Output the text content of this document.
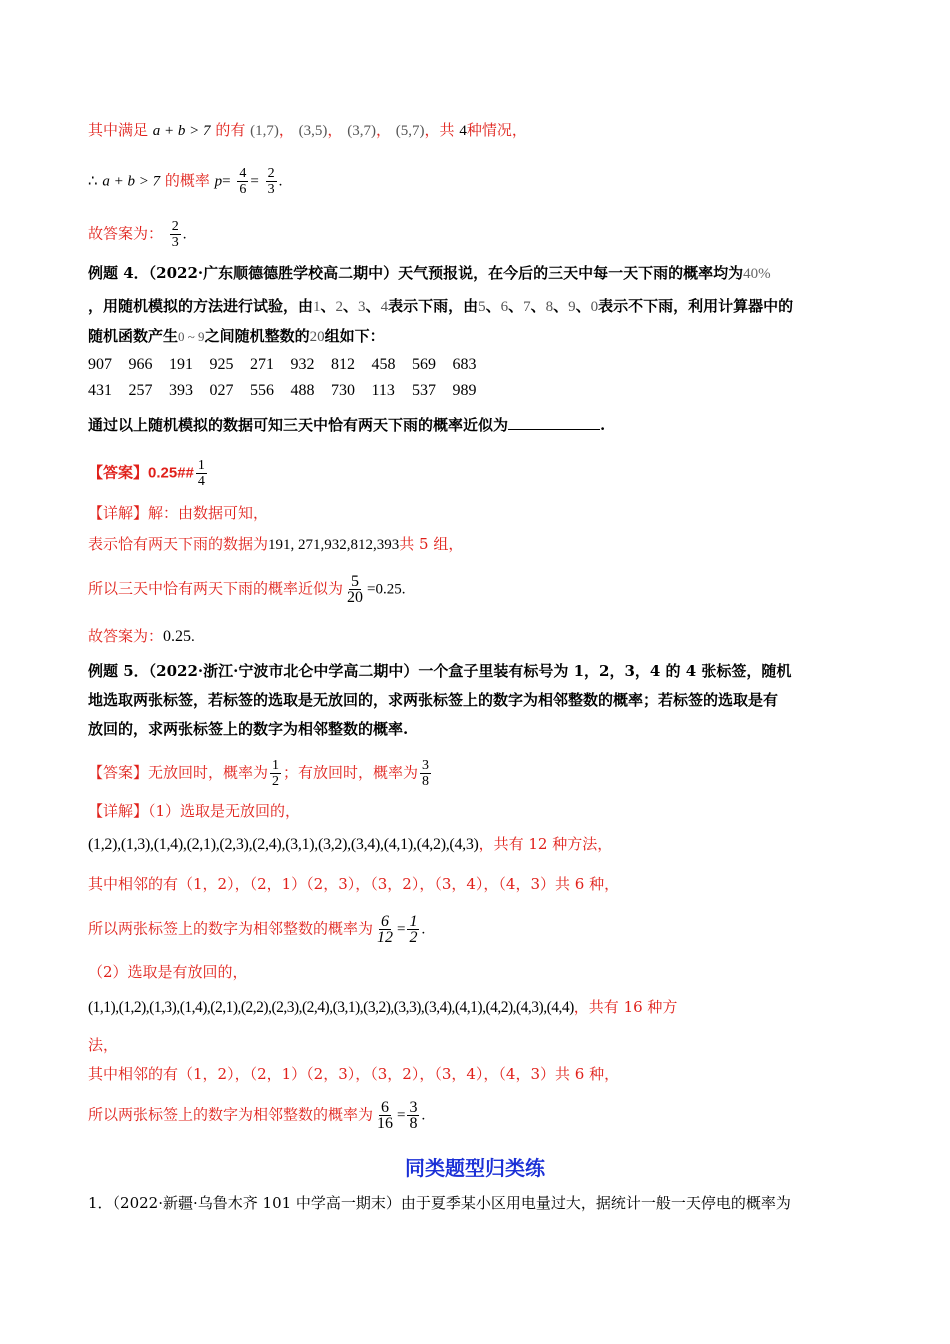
其中满足 a + b > 7 的有 (1,7)， (3,5)， (3,7)， (5,7)，共 4种情况，
∴ a + b > 7 的概率 $p= \frac{4}{6} = \frac{2}{3}$ .
故答案为： $\frac{2}{3}$ .
例题 4．（2022·广东顺德德胜学校高二期中）天气预报说，在今后的三天中每一天下雨的概率均为40%
，用随机模拟的方法进行试验，由1、2、3、4表示下雨，由5、6、7、8、9、0表示不下雨，利用计算器中的
随机函数产生0 ~ 9之间随机整数的20组如下：
907 966 191 925 271 932 812 458 569 683
431 257 393 027 556 488 730 113 537 989
通过以上随机模拟的数据可知三天中恰有两天下雨的概率近似为	.
【答案】0.25## $\frac{1}{4}$
【详解】解：由数据可知，
表示恰有两天下雨的数据为191, 271,932,812,393共 5 组，
所以三天中恰有两天下雨的概率近似为 $\frac{5}{20} =0.25$.
故答案为：0.25.
例题 5．（2022·浙江·宁波市北仑中学高二期中）一个盒子里装有标号为 1，2，3，4 的 4 张标签，随机
地选取两张标签，若标签的选取是无放回的，求两张标签上的数字为相邻整数的概率；若标签的选取是有
放回的，求两张标签上的数字为相邻整数的概率.
【答案】无放回时，概率为 $\frac{1}{2}$ ；有放回时，概率为 $\frac{3}{8}$
【详解】（1）选取是无放回的，
(1,2),(1,3),(1,4),(2,1),(2,3),(2,4),(3,1),(3,2),(3,4),(4,1),(4,2),(4,3)，共有 12 种方法，
其中相邻的有（1，2），（2，1）（2，3），（3，2），（3，4），（4，3）共 6 种，
所以两张标签上的数字为相邻整数的概率为 $\frac{6}{12} = \frac{1}{2}$ .
（2）选取是有放回的，
(1,1),(1,2),(1,3),(1,4),(2,1),(2,2),(2,3),(2,4),(3,1),(3,2),(3,3),(3,4),(4,1),(4,2),(4,3),(4,4)，共有 16 种方
法，
其中相邻的有（1，2），（2，1）（2，3），（3，2），（3，4），（4，3）共 6 种，
所以两张标签上的数字为相邻整数的概率为 $\frac{6}{16} = \frac{3}{8}$ .
同类题型归类练
1．（2022·新疆·乌鲁木齐 101 中学高一期末）由于夏季某小区用电量过大，据统计一般一天停电的概率为
